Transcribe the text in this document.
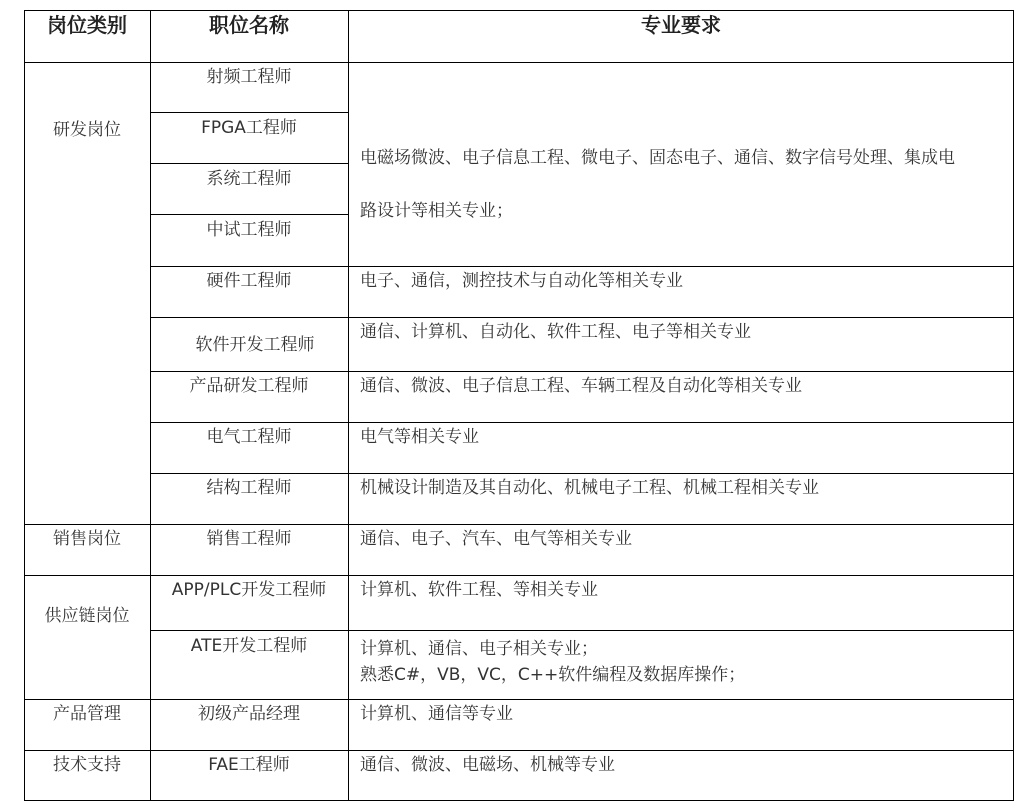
岗位类别	职位名称	专业要求
研发岗位
销售岗位
供应链岗位
产品管理
技术支持
射频工程师
FPGA工程师
系统工程师
中试工程师
硬件工程师
软件开发工程师
产品研发工程师
电气工程师
结构工程师
销售工程师
APP/PLC开发工程师
ATE开发工程师
初级产品经理
FAE工程师
电磁场微波、电子信息工程、微电子、固态电子、通信、数字信号处理、集成电
路设计等相关专业；
电子、通信，测控技术与自动化等相关专业
通信、计算机、自动化、软件工程、电子等相关专业
通信、微波、电子信息工程、车辆工程及自动化等相关专业
电气等相关专业
机械设计制造及其自动化、机械电子工程、机械工程相关专业
通信、电子、汽车、电气等相关专业
计算机、软件工程、等相关专业
计算机、通信、电子相关专业；
熟悉C#，VB，VC，C++软件编程及数据库操作；
计算机、通信等专业
通信、微波、电磁场、机械等专业
